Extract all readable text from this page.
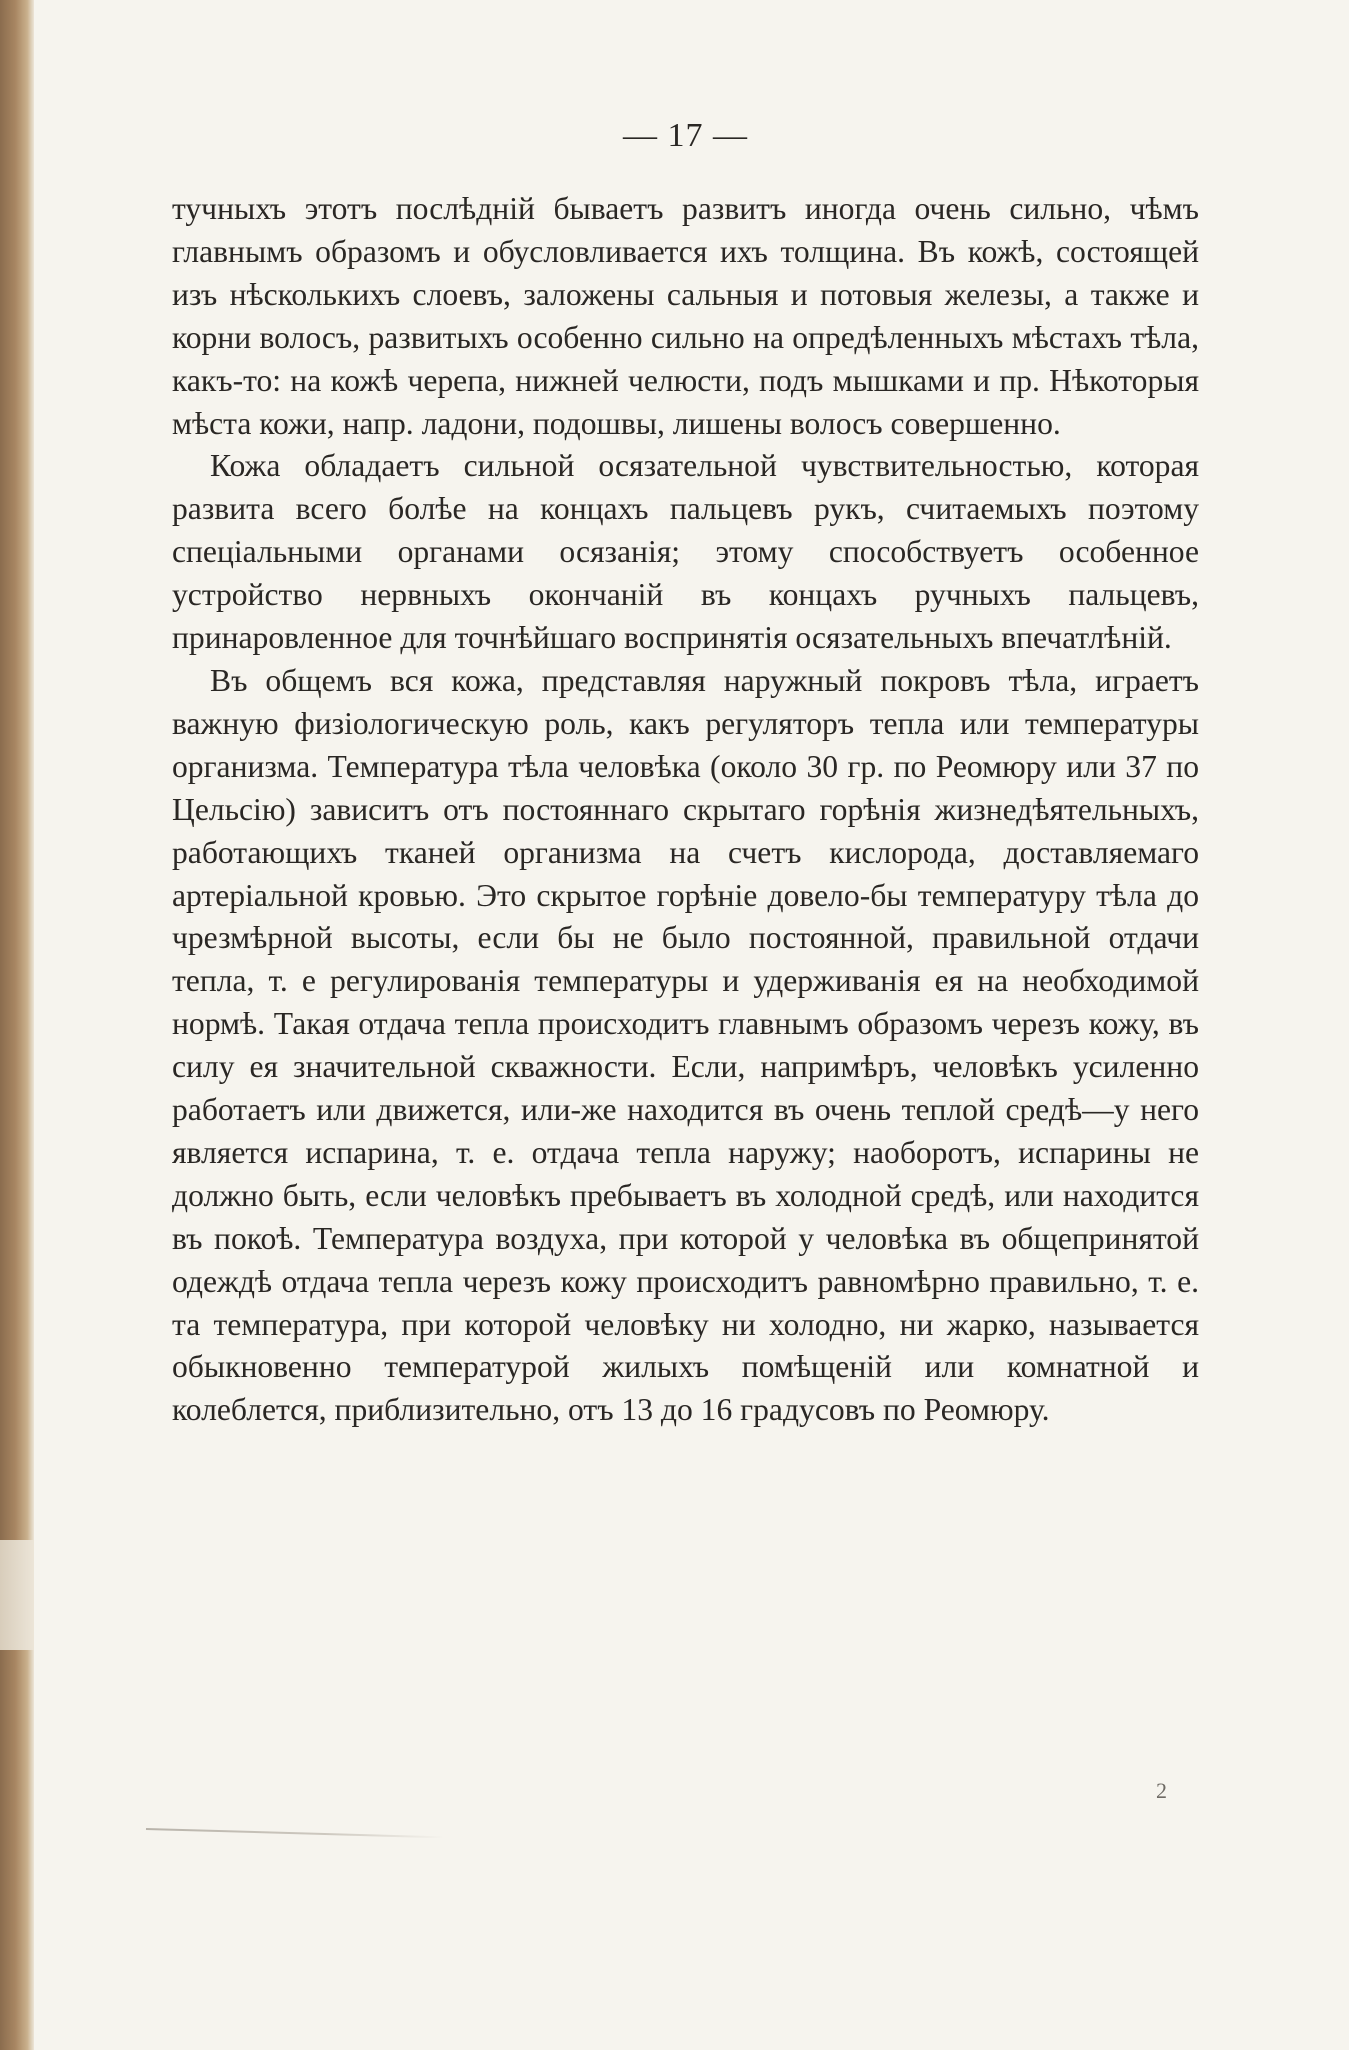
— 17 —

тучныхъ этотъ послѣдній бываетъ развитъ иногда очень сильно, чѣмъ главнымъ образомъ и обусловливается ихъ толщина. Въ кожѣ, состоящей изъ нѣсколькихъ слоевъ, заложены сальныя и потовыя железы, а также и корни волосъ, развитыхъ особенно сильно на опредѣленныхъ мѣстахъ тѣла, какъ-то: на кожѣ черепа, нижней челюсти, подъ мышками и пр. Нѣкоторыя мѣста кожи, напр. ладони, подошвы, лишены волосъ совершенно.

Кожа обладаетъ сильной осязательной чувствительностью, которая развита всего болѣе на концахъ пальцевъ рукъ, считаемыхъ поэтому спеціальными органами осязанія; этому способствуетъ особенное устройство нервныхъ окончаній въ концахъ ручныхъ пальцевъ, принаровленное для точнѣйшаго воспринятія осязательныхъ впечатлѣній.

Въ общемъ вся кожа, представляя наружный покровъ тѣла, играетъ важную физіологическую роль, какъ регуляторъ тепла или температуры организма. Температура тѣла человѣка (около 30 гр. по Реомюру или 37 по Цельсію) зависитъ отъ постояннаго скрытаго горѣнія жизнедѣятельныхъ, работающихъ тканей организма на счетъ кислорода, доставляемаго артеріальной кровью. Это скрытое горѣніе довело-бы температуру тѣла до чрезмѣрной высоты, если бы не было постоянной, правильной отдачи тепла, т. е регулированія температуры и удерживанія ея на необходимой нормѣ. Такая отдача тепла происходитъ главнымъ образомъ черезъ кожу, въ силу ея значительной скважности. Если, напримѣръ, человѣкъ усиленно работаетъ или движется, или-же находится въ очень теплой средѣ—у него является испарина, т. е. отдача тепла наружу; наоборотъ, испарины не должно быть, если человѣкъ пребываетъ въ холодной средѣ, или находится въ покоѣ. Температура воздуха, при которой у человѣка въ общепринятой одеждѣ отдача тепла черезъ кожу происходитъ равномѣрно правильно, т. е. та температура, при которой человѣку ни холодно, ни жарко, называется обыкновенно температурой жилыхъ помѣщеній или комнатной и колеблется, приблизительно, отъ 13 до 16 градусовъ по Реомюру.

2
